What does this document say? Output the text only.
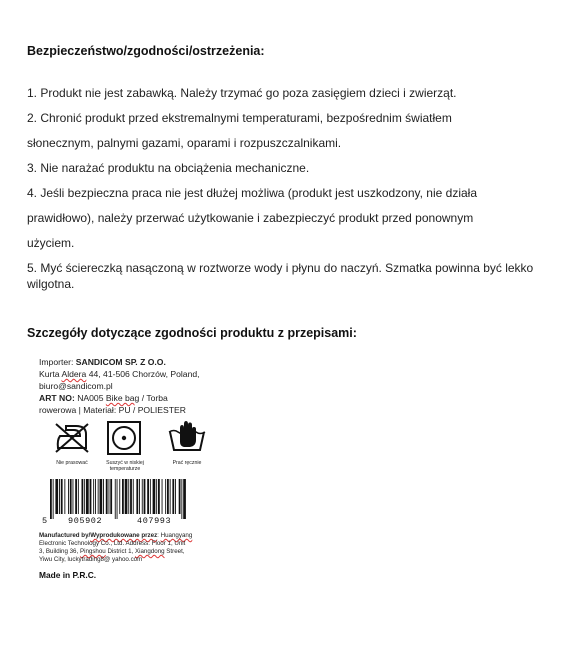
Bezpieczeństwo/zgodności/ostrzeżenia:
1. Produkt nie jest zabawką. Należy trzymać go poza zasięgiem dzieci i zwierząt.
2. Chronić produkt przed ekstremalnymi temperaturami, bezpośrednim światłem
słonecznym, palnymi gazami, oparami i rozpuszczalnikami.
3. Nie narażać produktu na obciążenia mechaniczne.
4. Jeśli bezpieczna praca nie jest dłużej możliwa (produkt jest uszkodzony, nie działa
prawidłowo), należy przerwać użytkowanie i zabezpieczyć produkt przed ponownym
użyciem.
5. Myć ściereczką nasączoną w roztworze wody i płynu do naczyń. Szmatka powinna być lekko
wilgotna.
Szczegóły dotyczące zgodności produktu z przepisami:
Importer: SANDICOM SP. Z O.O.
Kurta Aldera 44, 41-506 Chorzów, Poland,
biuro@sandicom.pl
ART NO: NA005 Bike bag / Torba
rowerowa | Materiał: PU / POLIESTER
Nie prasować	Suszyć w niskiej temperaturze
Prać ręcznie
5 905902	407993
Manufactured by/Wyprodukowane przez: Huangyang
Electronic Technology Co., Ltd. Address: Floor 1, Unit
3, Building 36, Pingshou District 1, Xiangdong Street,
Yiwu City, luckytrading8@ yahoo.com
Made in P.R.C.
